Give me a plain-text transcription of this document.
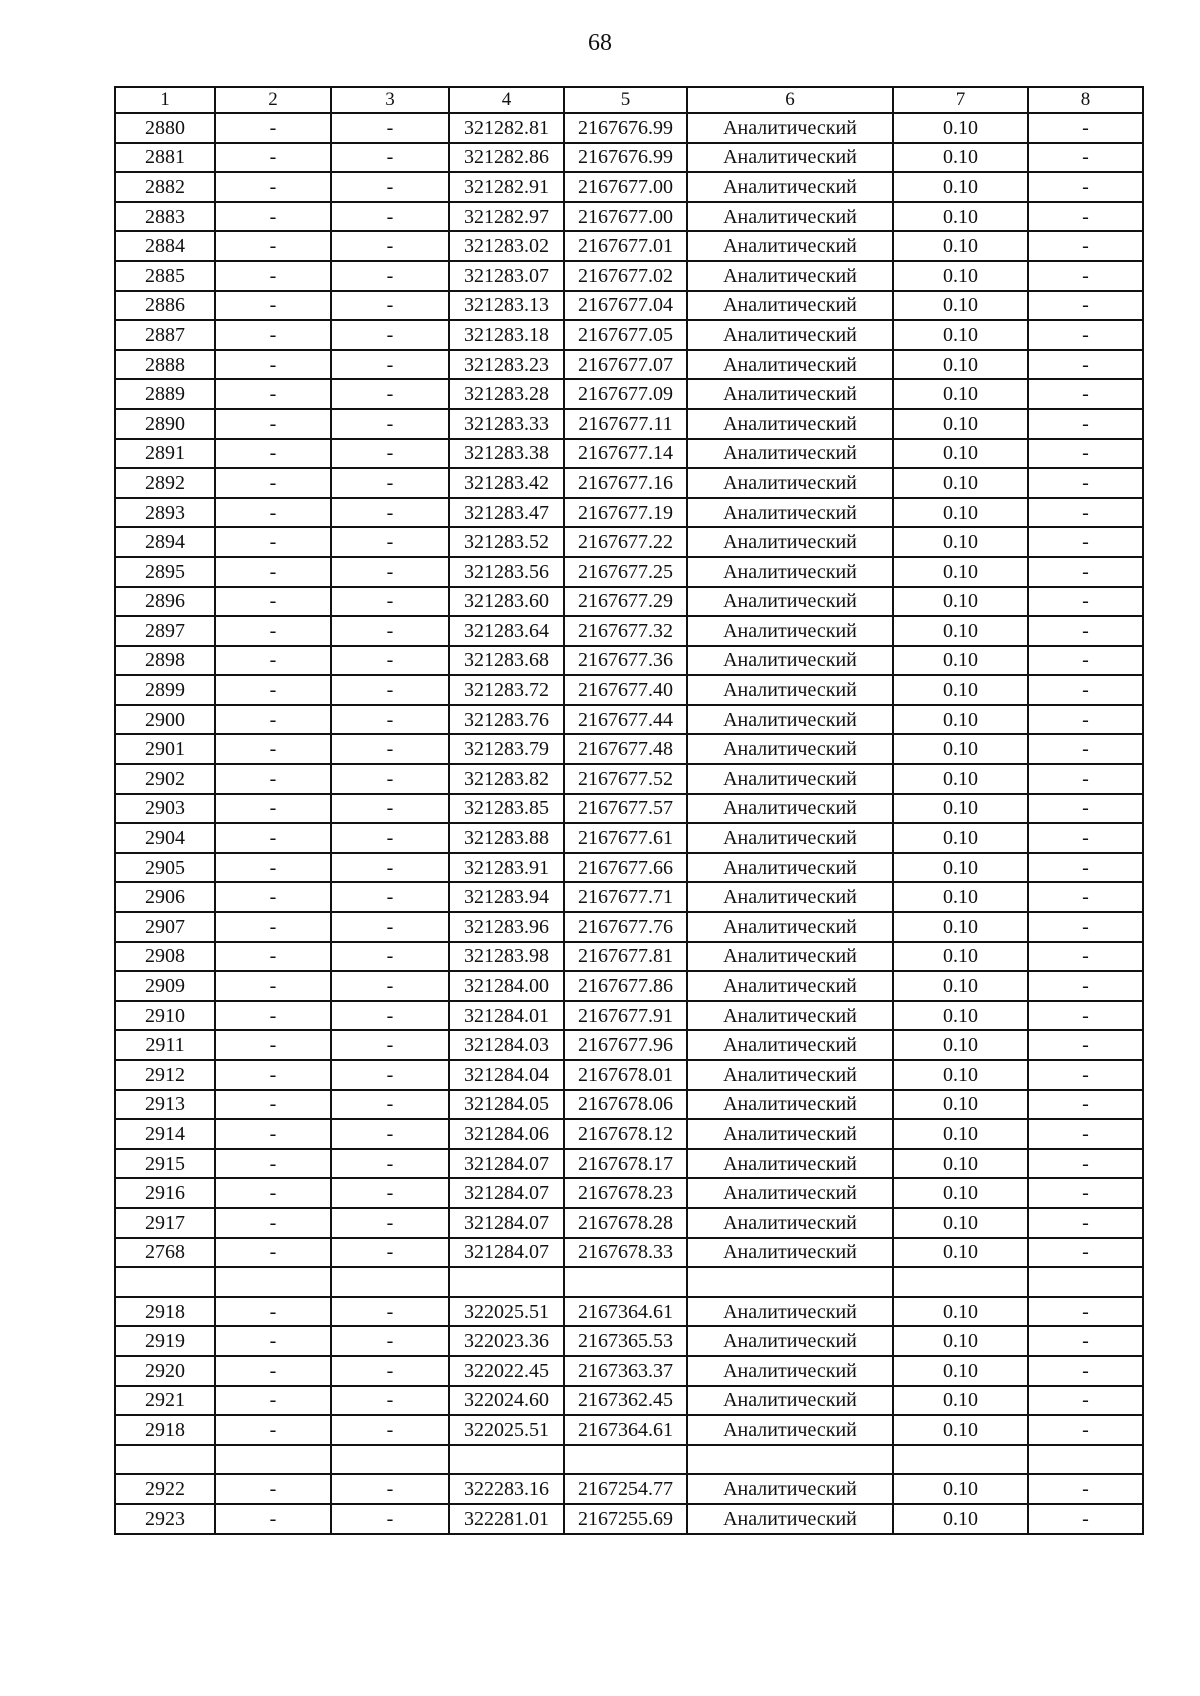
68
1	2	3	4	5	6	7	8
2880	-	-	321282.81	2167676.99	Аналитический	0.10	-
2881	-	-	321282.86	2167676.99	Аналитический	0.10	-
2882	-	-	321282.91	2167677.00	Аналитический	0.10	-
2883	-	-	321282.97	2167677.00	Аналитический	0.10	-
2884	-	-	321283.02	2167677.01	Аналитический	0.10	-
2885	-	-	321283.07	2167677.02	Аналитический	0.10	-
2886	-	-	321283.13	2167677.04	Аналитический	0.10	-
2887	-	-	321283.18	2167677.05	Аналитический	0.10	-
2888	-	-	321283.23	2167677.07	Аналитический	0.10	-
2889	-	-	321283.28	2167677.09	Аналитический	0.10	-
2890	-	-	321283.33	2167677.11	Аналитический	0.10	-
2891	-	-	321283.38	2167677.14	Аналитический	0.10	-
2892	-	-	321283.42	2167677.16	Аналитический	0.10	-
2893	-	-	321283.47	2167677.19	Аналитический	0.10	-
2894	-	-	321283.52	2167677.22	Аналитический	0.10	-
2895	-	-	321283.56	2167677.25	Аналитический	0.10	-
2896	-	-	321283.60	2167677.29	Аналитический	0.10	-
2897	-	-	321283.64	2167677.32	Аналитический	0.10	-
2898	-	-	321283.68	2167677.36	Аналитический	0.10	-
2899	-	-	321283.72	2167677.40	Аналитический	0.10	-
2900	-	-	321283.76	2167677.44	Аналитический	0.10	-
2901	-	-	321283.79	2167677.48	Аналитический	0.10	-
2902	-	-	321283.82	2167677.52	Аналитический	0.10	-
2903	-	-	321283.85	2167677.57	Аналитический	0.10	-
2904	-	-	321283.88	2167677.61	Аналитический	0.10	-
2905	-	-	321283.91	2167677.66	Аналитический	0.10	-
2906	-	-	321283.94	2167677.71	Аналитический	0.10	-
2907	-	-	321283.96	2167677.76	Аналитический	0.10	-
2908	-	-	321283.98	2167677.81	Аналитический	0.10	-
2909	-	-	321284.00	2167677.86	Аналитический	0.10	-
2910	-	-	321284.01	2167677.91	Аналитический	0.10	-
2911	-	-	321284.03	2167677.96	Аналитический	0.10	-
2912	-	-	321284.04	2167678.01	Аналитический	0.10	-
2913	-	-	321284.05	2167678.06	Аналитический	0.10	-
2914	-	-	321284.06	2167678.12	Аналитический	0.10	-
2915	-	-	321284.07	2167678.17	Аналитический	0.10	-
2916	-	-	321284.07	2167678.23	Аналитический	0.10	-
2917	-	-	321284.07	2167678.28	Аналитический	0.10	-
2768	-	-	321284.07	2167678.33	Аналитический	0.10	-

2918	-	-	322025.51	2167364.61	Аналитический	0.10	-
2919	-	-	322023.36	2167365.53	Аналитический	0.10	-
2920	-	-	322022.45	2167363.37	Аналитический	0.10	-
2921	-	-	322024.60	2167362.45	Аналитический	0.10	-
2918	-	-	322025.51	2167364.61	Аналитический	0.10	-

2922	-	-	322283.16	2167254.77	Аналитический	0.10	-
2923	-	-	322281.01	2167255.69	Аналитический	0.10	-
